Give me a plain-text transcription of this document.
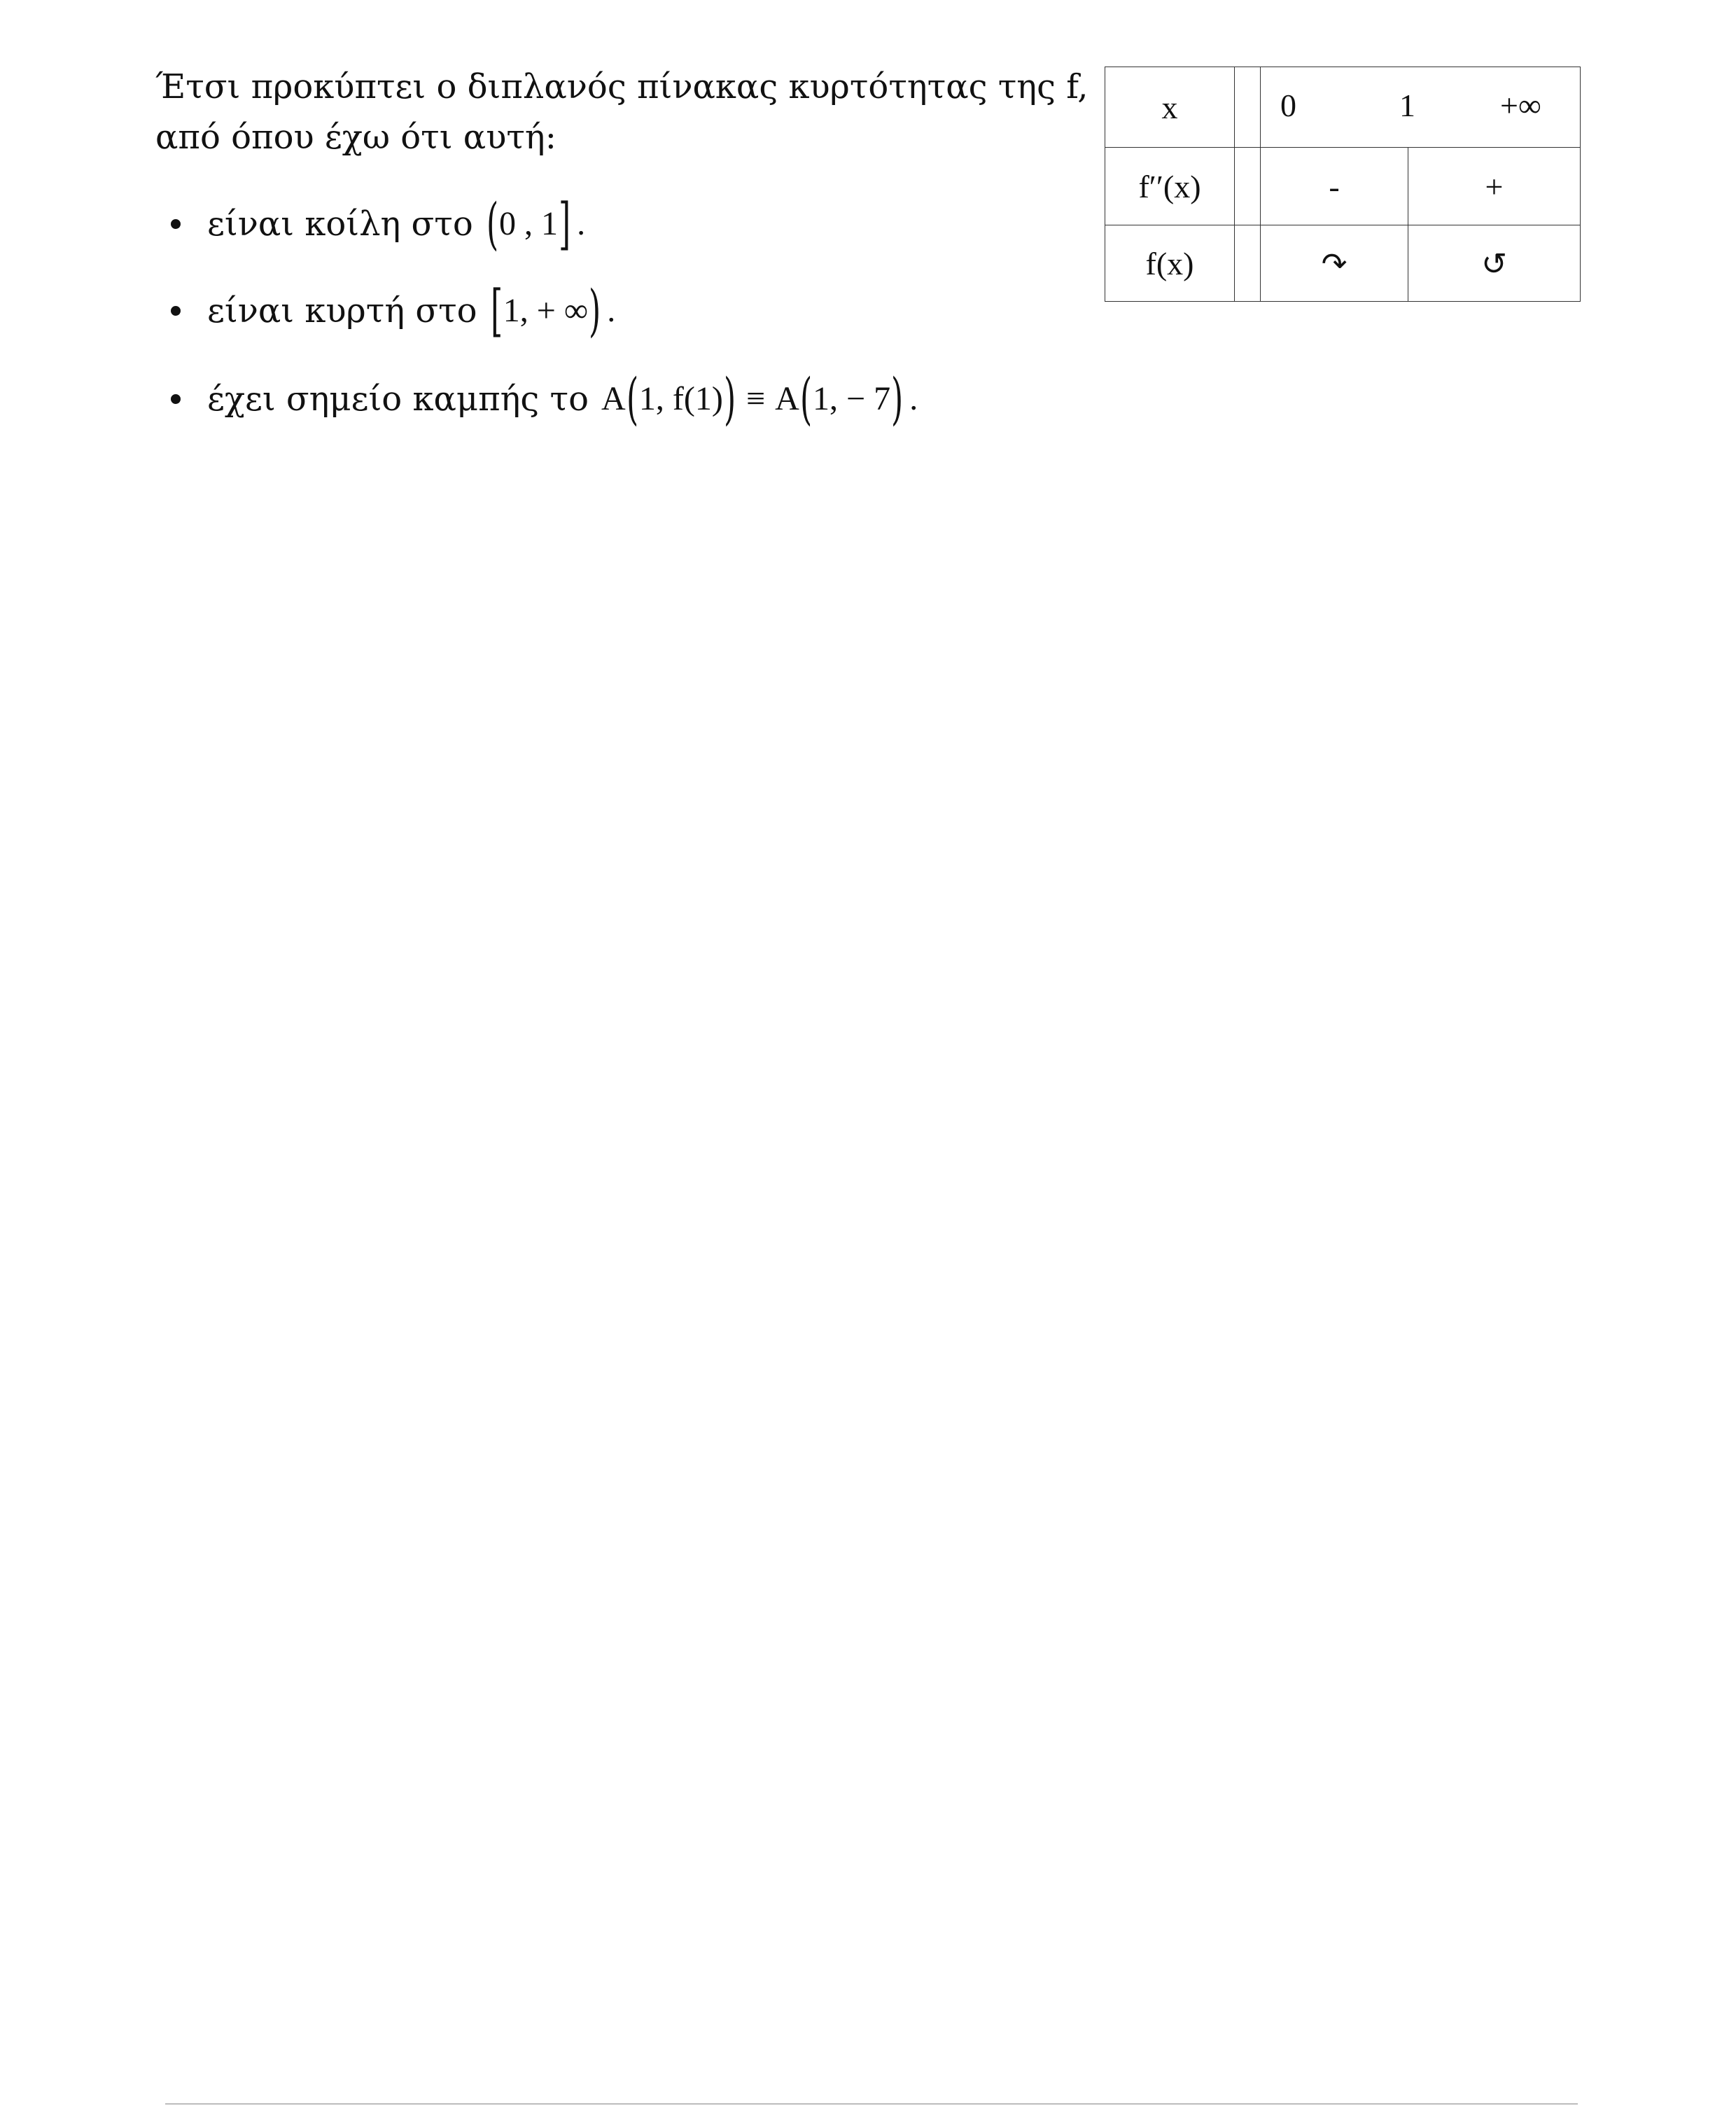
Έτσι προκύπτει ο διπλανός πίνακας κυρτότητας της f,
από όπου έχω ότι αυτή:
είναι κοίλη στο ( 0 , 1 ] .
είναι κυρτή στο [ 1, + ∞ ) .
έχει σημείο καμπής το A ( 1, f(1) ) ≡ A ( 1, − 7 ) .
x		0 1 +∞	

f′′(x)		-	+
f(x)		↷	↺
